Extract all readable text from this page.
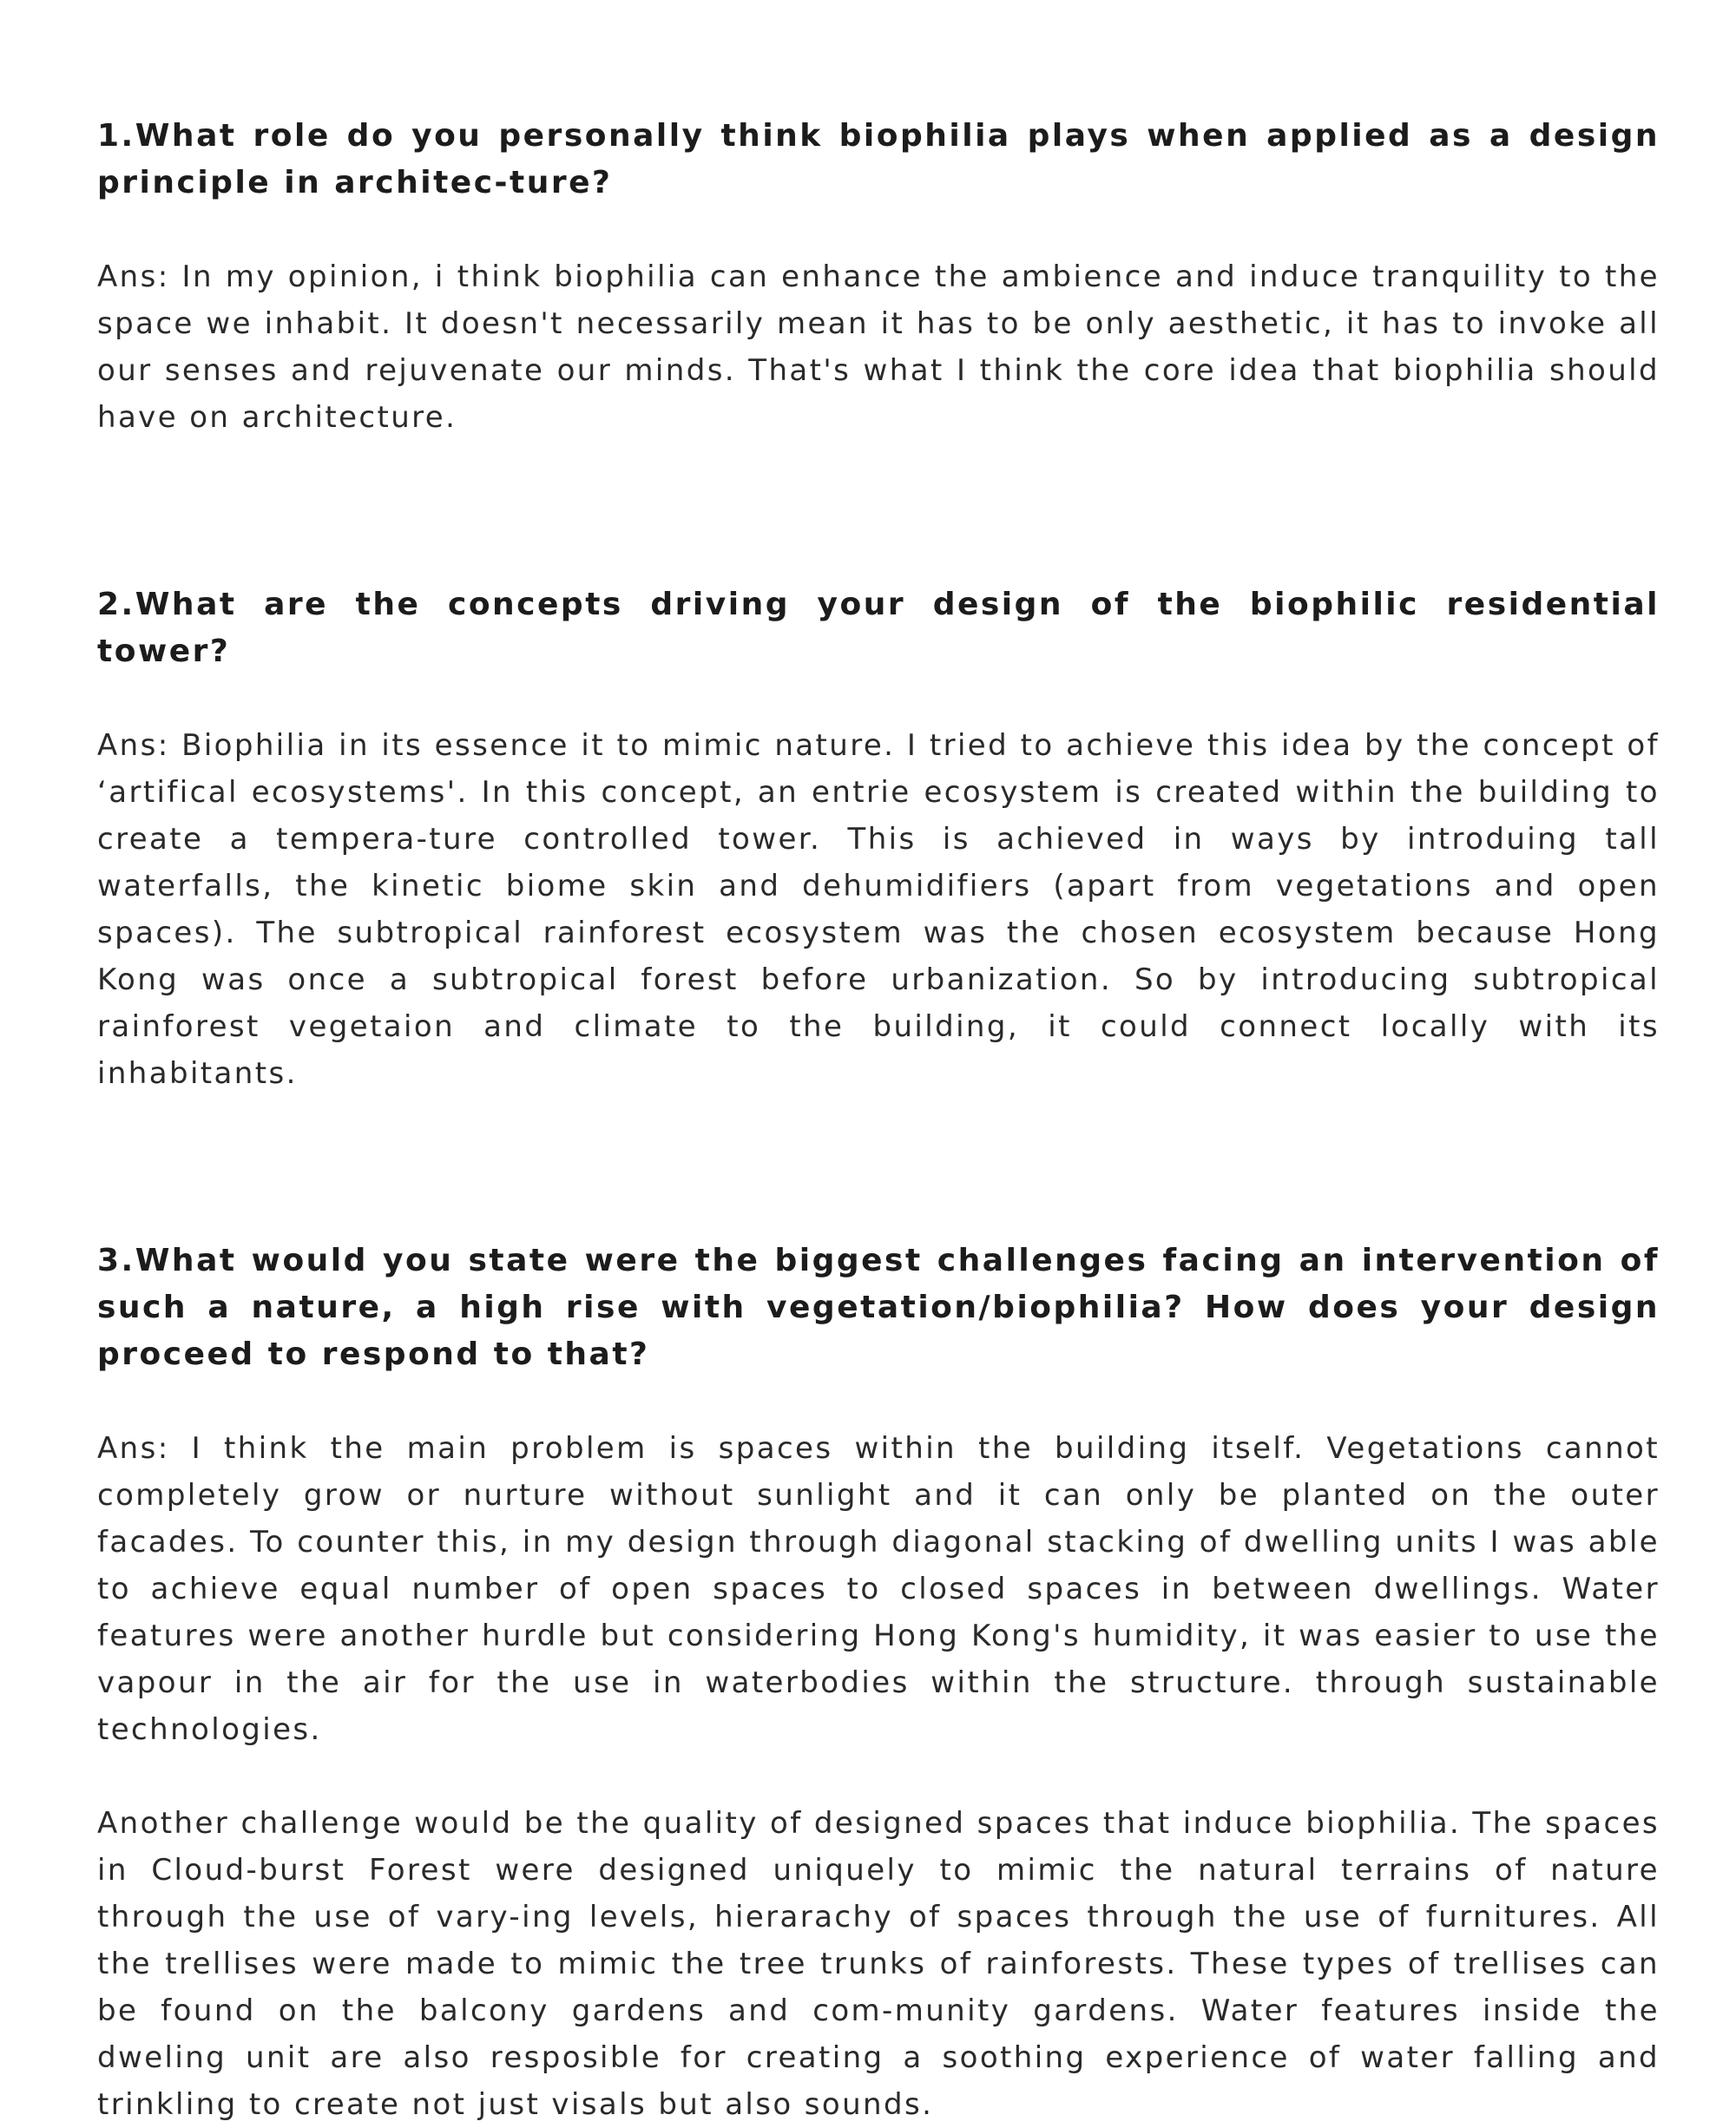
1.What role do you personally think biophilia plays when applied as a design principle in architec-ture?

Ans: In my opinion, i think biophilia can enhance the ambience and induce tranquility to the space we inhabit. It doesn't necessarily mean it has to be only aesthetic, it has to invoke all our senses and rejuvenate our minds. That's what I think the core idea that biophilia should have on architecture.

2.What are the concepts driving your design of the biophilic residential tower?

Ans: Biophilia in its essence it to mimic nature. I tried to achieve this idea by the concept of ‘artifical ecosystems'. In this concept, an entrie ecosystem is created within the building to create a tempera-ture controlled tower. This is achieved in ways by introduing tall waterfalls, the kinetic biome skin and dehumidifiers (apart from vegetations and open spaces). The subtropical rainforest ecosystem was the chosen ecosystem because Hong Kong was once a subtropical forest before urbanization. So by introducing subtropical rainforest vegetaion and climate to the building, it could connect locally with its inhabitants.

3.What would you state were the biggest challenges facing an intervention of such a nature, a high rise with vegetation/biophilia? How does your design proceed to respond to that?

Ans: I think the main problem is spaces within the building itself. Vegetations cannot completely grow or nurture without sunlight and it can only be planted on the outer facades. To counter this, in my design through diagonal stacking of dwelling units I was able to achieve equal number of open spaces to closed spaces in between dwellings. Water features were another hurdle but considering Hong Kong's humidity, it was easier to use the vapour in the air for the use in waterbodies within the structure. through sustainable technologies.

Another challenge would be the quality of designed spaces that induce biophilia. The spaces in Cloud-burst Forest were designed uniquely to mimic the natural terrains of nature through the use of vary-ing levels, hierarachy of spaces through the use of furnitures. All the trellises were made to mimic the tree trunks of rainforests. These types of trellises can be found on the balcony gardens and com-munity gardens. Water features inside the dweling unit are also resposible for creating a soothing experience of water falling and trinkling to create not just visals but also sounds.
